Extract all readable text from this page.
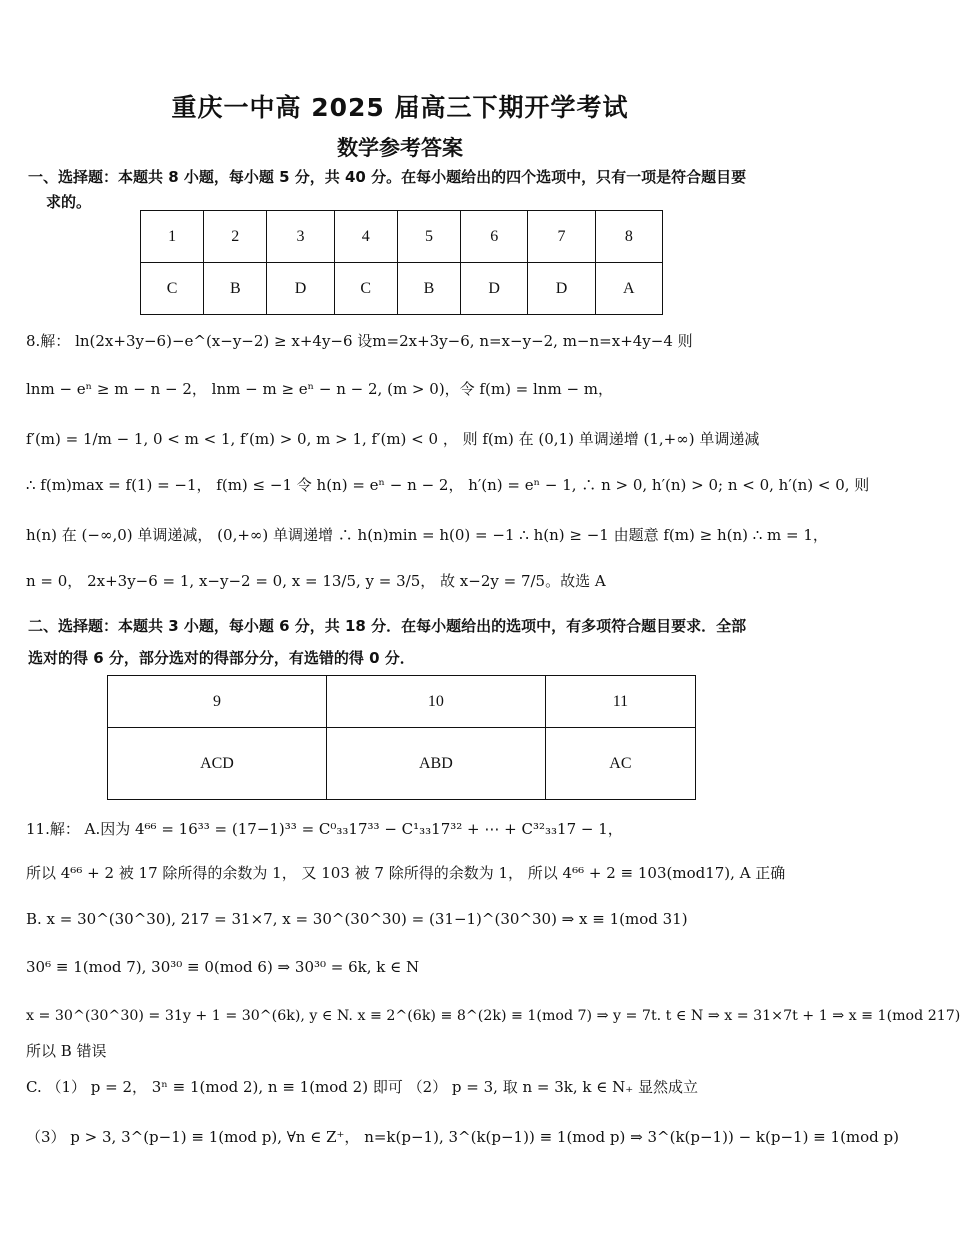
重庆一中高 2025 届高三下期开学考试
数学参考答案
一、选择题：本题共 8 小题，每小题 5 分，共 40 分。在每小题给出的四个选项中，只有一项是符合题目要
求的。
1	2	3	4	5	6	7	8
C	B	D	C	B	D	D	A
8.解： ln(2x+3y−6)−e^(x−y−2) ≥ x+4y−6 设m=2x+3y−6, n=x−y−2, m−n=x+4y−4 则
lnm − eⁿ ≥ m − n − 2， lnm − m ≥ eⁿ − n − 2, (m > 0)，令 f(m) = lnm − m，
f′(m) = 1/m − 1, 0 < m < 1, f′(m) > 0, m > 1, f′(m) < 0 ， 则 f(m) 在 (0,1) 单调递增 (1,+∞) 单调递减
∴ f(m)max = f(1) = −1， f(m) ≤ −1 令 h(n) = eⁿ − n − 2， h′(n) = eⁿ − 1, ∴ n > 0, h′(n) > 0; n < 0, h′(n) < 0, 则
h(n) 在 (−∞,0) 单调递减， (0,+∞) 单调递增 ∴ h(n)min = h(0) = −1 ∴ h(n) ≥ −1 由题意 f(m) ≥ h(n) ∴ m = 1，
n = 0， 2x+3y−6 = 1, x−y−2 = 0, x = 13/5, y = 3/5， 故 x−2y = 7/5。故选 A
二、选择题：本题共 3 小题，每小题 6 分，共 18 分．在每小题给出的选项中，有多项符合题目要求．全部
选对的得 6 分，部分选对的得部分分，有选错的得 0 分．
9	10	11
ACD	ABD	AC
11.解： A.因为 4⁶⁶ = 16³³ = (17−1)³³ = C⁰₃₃17³³ − C¹₃₃17³² + ⋯ + C³²₃₃17 − 1，
所以 4⁶⁶ + 2 被 17 除所得的余数为 1， 又 103 被 7 除所得的余数为 1， 所以 4⁶⁶ + 2 ≡ 103(mod17), A 正确
B. x = 30^(30^30), 217 = 31×7, x = 30^(30^30) = (31−1)^(30^30) ⇒ x ≡ 1(mod 31)
30⁶ ≡ 1(mod 7), 30³⁰ ≡ 0(mod 6) ⇒ 30³⁰ = 6k, k ∈ N
x = 30^(30^30) = 31y + 1 = 30^(6k), y ∈ N. x ≡ 2^(6k) ≡ 8^(2k) ≡ 1(mod 7) ⇒ y = 7t. t ∈ N ⇒ x = 31×7t + 1 ⇒ x ≡ 1(mod 217)
所以 B 错误
C. （1） p = 2， 3ⁿ ≡ 1(mod 2), n ≡ 1(mod 2) 即可 （2） p = 3, 取 n = 3k, k ∈ N₊ 显然成立
（3） p > 3, 3^(p−1) ≡ 1(mod p), ∀n ∈ Z⁺， n=k(p−1), 3^(k(p−1)) ≡ 1(mod p) ⇒ 3^(k(p−1)) − k(p−1) ≡ 1(mod p)
